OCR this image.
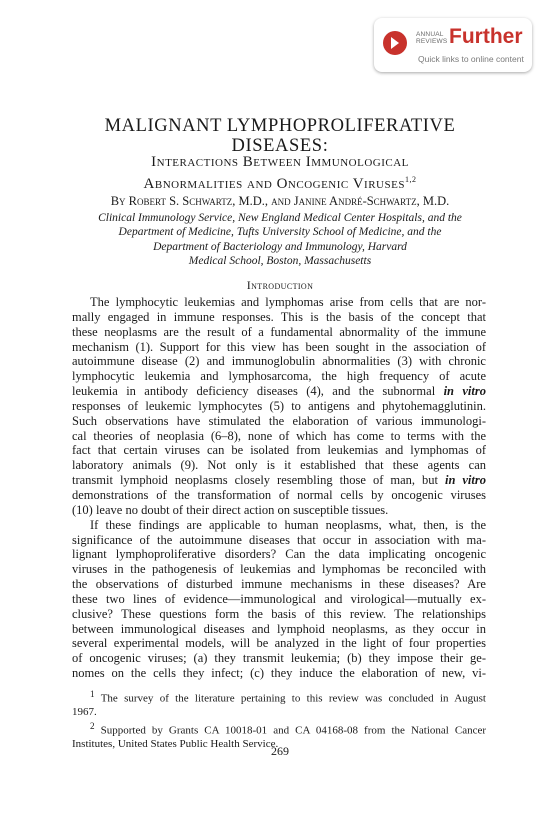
ANNUAL
REVIEWS Further
Quick links to online content
MALIGNANT LYMPHOPROLIFERATIVE
DISEASES:
Interactions Between Immunological
Abnormalities and Oncogenic Viruses$^{1,2}$
By Robert S. Schwartz, M.D., and Janine André-Schwartz, M.D.
Clinical Immunology Service, New England Medical Center Hospitals, and the
Department of Medicine, Tufts University School of Medicine, and the
Department of Bacteriology and Immunology, Harvard
Medical School, Boston, Massachusetts
Introduction
The lymphocytic leukemias and lymphomas arise from cells that are nor-
mally engaged in immune responses. This is the basis of the concept that
these neoplasms are the result of a fundamental abnormality of the immune
mechanism (1). Support for this view has been sought in the association of
autoimmune disease (2) and immunoglobulin abnormalities (3) with chronic
lymphocytic leukemia and lymphosarcoma, the high frequency of acute
leukemia in antibody deficiency diseases (4), and the subnormal in vitro
responses of leukemic lymphocytes (5) to antigens and phytohemagglutinin.
Such observations have stimulated the elaboration of various immunologi-
cal theories of neoplasia (6–8), none of which has come to terms with the
fact that certain viruses can be isolated from leukemias and lymphomas of
laboratory animals (9). Not only is it established that these agents can
transmit lymphoid neoplasms closely resembling those of man, but in vitro
demonstrations of the transformation of normal cells by oncogenic viruses
(10) leave no doubt of their direct action on susceptible tissues.
If these findings are applicable to human neoplasms, what, then, is the
significance of the autoimmune diseases that occur in association with ma-
lignant lymphoproliferative disorders? Can the data implicating oncogenic
viruses in the pathogenesis of leukemias and lymphomas be reconciled with
the observations of disturbed immune mechanisms in these diseases? Are
these two lines of evidence—immunological and virological—mutually ex-
clusive? These questions form the basis of this review. The relationships
between immunological diseases and lymphoid neoplasms, as they occur in
several experimental models, will be analyzed in the light of four properties
of oncogenic viruses; (a) they transmit leukemia; (b) they impose their ge-
nomes on the cells they infect; (c) they induce the elaboration of new, vi-
$^1$ The survey of the literature pertaining to this review was concluded in August
1967.
$^2$ Supported by Grants CA 10018-01 and CA 04168-08 from the National Cancer
Institutes, United States Public Health Service.
269
